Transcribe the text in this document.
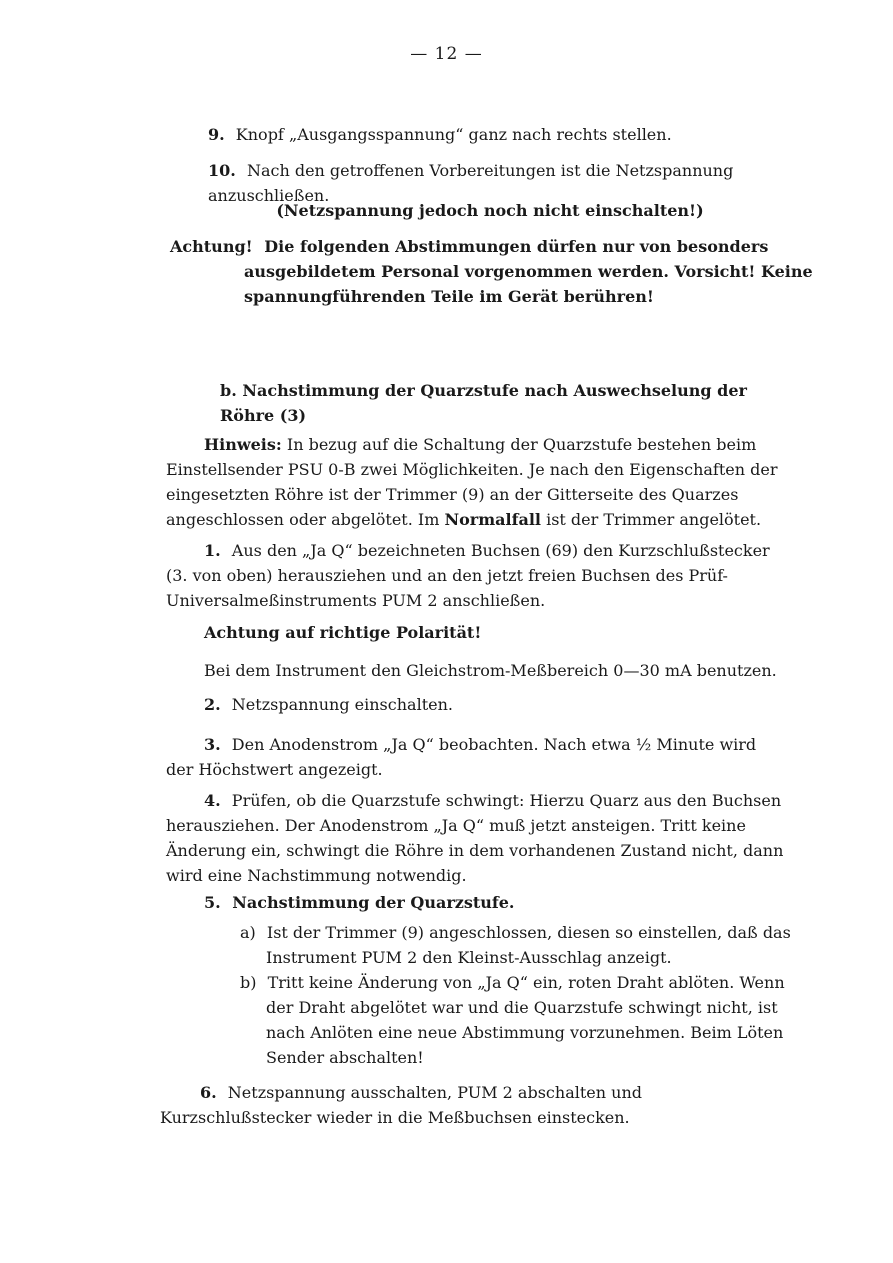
— 12 —

9. Knopf „Ausgangsspannung“ ganz nach rechts stellen.

10. Nach den getroffenen Vorbereitungen ist die Netzspannung anzuschließen.

(Netzspannung jedoch noch nicht einschalten!)

Achtung! Die folgenden Abstimmungen dürfen nur von besonders ausgebildetem Personal vorgenommen werden. Vorsicht! Keine spannungführenden Teile im Gerät berühren!

b. Nachstimmung der Quarzstufe nach Auswechselung der Röhre (3)

Hinweis: In bezug auf die Schaltung der Quarzstufe bestehen beim Einstellsender PSU 0-B zwei Möglichkeiten. Je nach den Eigenschaften der eingesetzten Röhre ist der Trimmer (9) an der Gitterseite des Quarzes angeschlossen oder abgelötet. Im Normalfall ist der Trimmer angelötet.

1. Aus den „Ja Q“ bezeichneten Buchsen (69) den Kurzschlußstecker (3. von oben) herausziehen und an den jetzt freien Buchsen des Prüf-Universalmeßinstruments PUM 2 anschließen.

Achtung auf richtige Polarität!

Bei dem Instrument den Gleichstrom-Meßbereich 0—30 mA benutzen.

2. Netzspannung einschalten.

3. Den Anodenstrom „Ja Q“ beobachten. Nach etwa ½ Minute wird der Höchstwert angezeigt.

4. Prüfen, ob die Quarzstufe schwingt: Hierzu Quarz aus den Buchsen herausziehen. Der Anodenstrom „Ja Q“ muß jetzt ansteigen. Tritt keine Änderung ein, schwingt die Röhre in dem vorhandenen Zustand nicht, dann wird eine Nachstimmung notwendig.

5. Nachstimmung der Quarzstufe.

a) Ist der Trimmer (9) angeschlossen, diesen so einstellen, daß das Instrument PUM 2 den Kleinst-Ausschlag anzeigt.

b) Tritt keine Änderung von „Ja Q“ ein, roten Draht ablöten. Wenn der Draht abgelötet war und die Quarzstufe schwingt nicht, ist nach Anlöten eine neue Abstimmung vorzunehmen. Beim Löten Sender abschalten!

6. Netzspannung ausschalten, PUM 2 abschalten und Kurzschlußstecker wieder in die Meßbuchsen einstecken.
